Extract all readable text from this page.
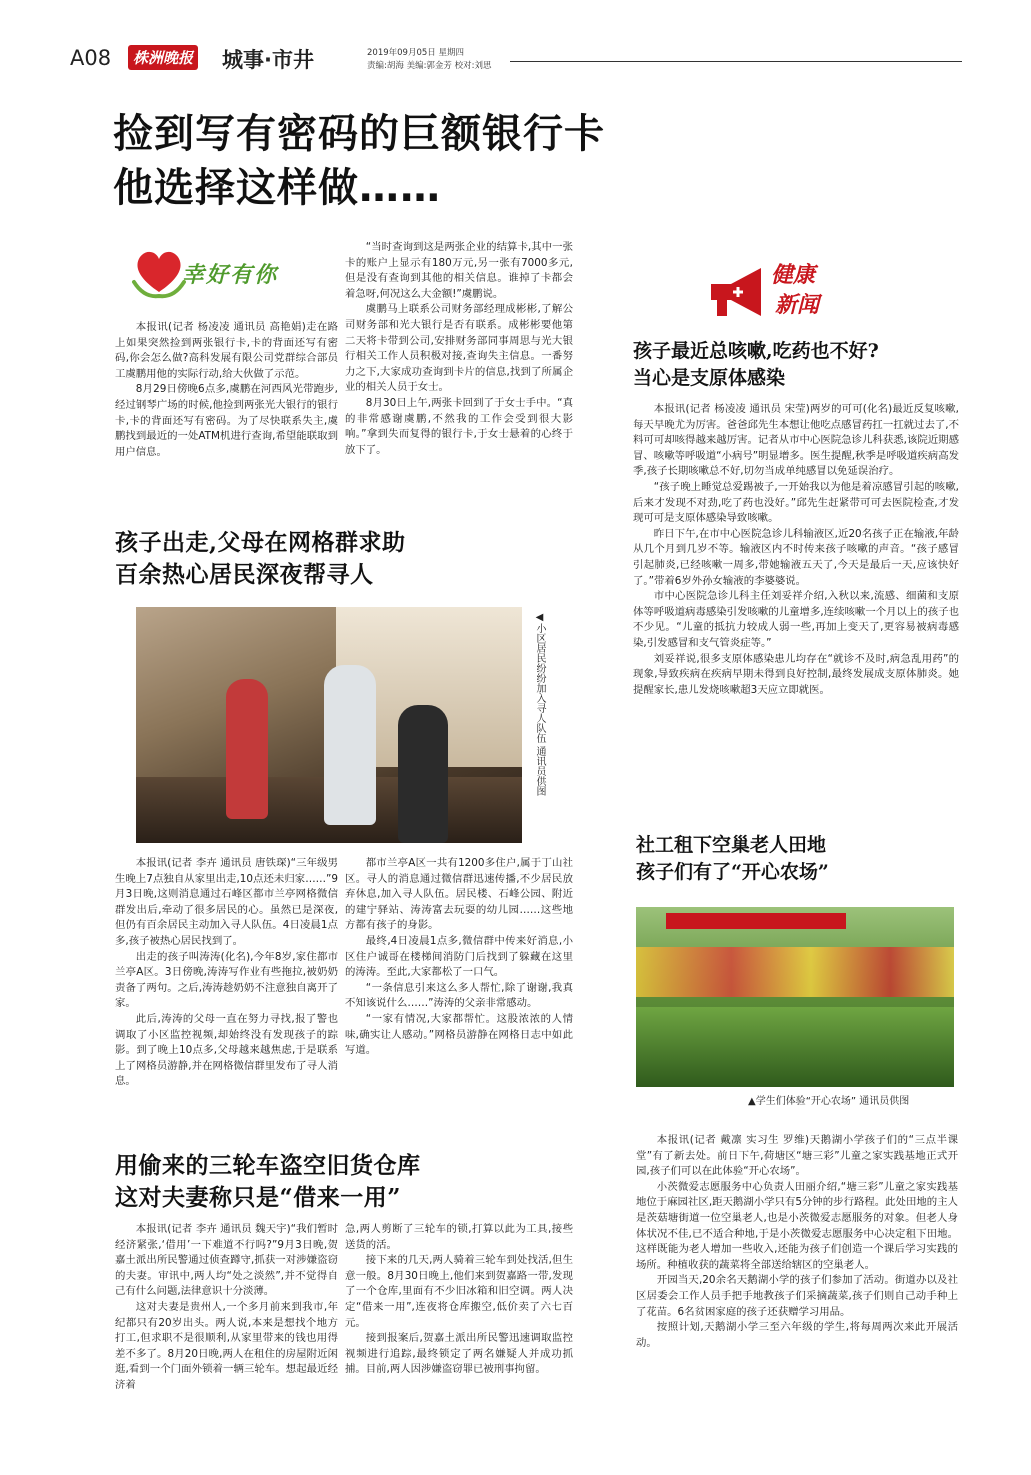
A08	株洲晚报 城事·市井	2019年09月05日 星期四
责编:胡海 美编:郭金芳 校对:刘思
捡到写有密码的巨额银行卡
他选择这样做……
幸好有你

本报讯(记者 杨凌凌 通讯员 高艳娟)走在路上如果突然捡到两张银行卡,卡的背面还写有密码,你会怎么做?高科发展有限公司党群综合部员工虞鹏用他的实际行动,给大伙做了示范。

8月29日傍晚6点多,虞鹏在河西风光带跑步,经过钢琴广场的时候,他捡到两张光大银行的银行卡,卡的背面还写有密码。为了尽快联系失主,虞鹏找到最近的一处ATM机进行查询,希望能联取到用户信息。

“当时查询到这是两张企业的结算卡,其中一张卡的账户上显示有180万元,另一张有7000多元,但是没有查询到其他的相关信息。谁掉了卡都会着急呀,何况这么大金额!”虞鹏说。

虞鹏马上联系公司财务部经理成彬彬,了解公司财务部和光大银行是否有联系。成彬彬要他第二天将卡带到公司,安排财务部同事周思与光大银行相关工作人员积极对接,查询失主信息。一番努力之下,大家成功查询到卡片的信息,找到了所属企业的相关人员于女士。

8月30日上午,两张卡回到了于女士手中。“真的非常感谢虞鹏,不然我的工作会受到很大影响。”拿到失而复得的银行卡,于女士悬着的心终于放下了。

健康
新闻
孩子最近总咳嗽,吃药也不好?
当心是支原体感染

本报讯(记者 杨凌凌 通讯员 宋莹)两岁的可可(化名)最近反复咳嗽,每天早晚尤为厉害。爸爸邱先生本想让他吃点感冒药扛一扛就过去了,不料可可却咳得越来越厉害。记者从市中心医院急诊儿科获悉,该院近期感冒、咳嗽等呼吸道“小病号”明显增多。医生提醒,秋季是呼吸道疾病高发季,孩子长期咳嗽总不好,切勿当成单纯感冒以免延误治疗。

“孩子晚上睡觉总爱踢被子,一开始我以为他是着凉感冒引起的咳嗽,后来才发现不对劲,吃了药也没好。”邱先生赶紧带可可去医院检查,才发现可可是支原体感染导致咳嗽。

昨日下午,在市中心医院急诊儿科输液区,近20名孩子正在输液,年龄从几个月到几岁不等。输液区内不时传来孩子咳嗽的声音。“孩子感冒引起肺炎,已经咳嗽一周多,带她输液五天了,今天是最后一天,应该快好了。”带着6岁外孙女输液的李婆婆说。

市中心医院急诊儿科主任刘妥祥介绍,入秋以来,流感、细菌和支原体等呼吸道病毒感染引发咳嗽的儿童增多,连续咳嗽一个月以上的孩子也不少见。“儿童的抵抗力较成人弱一些,再加上变天了,更容易被病毒感染,引发感冒和支气管炎症等。”

刘妥祥说,很多支原体感染患儿均存在“就诊不及时,病急乱用药”的现象,导致疾病在疾病早期未得到良好控制,最终发展成支原体肺炎。她提醒家长,患儿发烧咳嗽超3天应立即就医。

孩子出走,父母在网格群求助
百余热心居民深夜帮寻人
◀小区居民纷纷加入寻人队伍 通讯员供图

本报讯(记者 李卉 通讯员 唐铁琛)“三年级男生晚上7点独自从家里出走,10点还未归家……”9月3日晚,这则消息通过石峰区都市兰亭网格微信群发出后,牵动了很多居民的心。虽然已是深夜,但仍有百余居民主动加入寻人队伍。4日凌晨1点多,孩子被热心居民找到了。

出走的孩子叫涛涛(化名),今年8岁,家住都市兰亭A区。3日傍晚,涛涛写作业有些拖拉,被奶奶责备了两句。之后,涛涛趁奶奶不注意独自离开了家。

此后,涛涛的父母一直在努力寻找,报了警也调取了小区监控视频,却始终没有发现孩子的踪影。到了晚上10点多,父母越来越焦虑,于是联系上了网格员游静,并在网格微信群里发布了寻人消息。

都市兰亭A区一共有1200多住户,属于丁山社区。寻人的消息通过微信群迅速传播,不少居民放弃休息,加入寻人队伍。居民楼、石峰公园、附近的建宁驿站、涛涛富去玩耍的幼儿园……这些地方都有孩子的身影。

最终,4日凌晨1点多,微信群中传来好消息,小区住户诚哥在楼梯间消防门后找到了躲藏在这里的涛涛。至此,大家都松了一口气。

“一条信息引来这么多人帮忙,除了谢谢,我真不知该说什么……”涛涛的父亲非常感动。

“一家有情况,大家都帮忙。这股浓浓的人情味,确实让人感动。”网格员游静在网格日志中如此写道。

社工租下空巢老人田地
孩子们有了“开心农场”
▲学生们体验“开心农场” 通讯员供图

本报讯(记者 戴凛 实习生 罗维)天鹅湖小学孩子们的“三点半课堂”有了新去处。前日下午,荷塘区“塘三彩”儿童之家实践基地正式开园,孩子们可以在此体验“开心农场”。

小茨微爱志愿服务中心负责人田丽介绍,“塘三彩”儿童之家实践基地位于麻园社区,距天鹅湖小学只有5分钟的步行路程。此处田地的主人是茨菇塘街道一位空巢老人,也是小茨微爱志愿服务的对象。但老人身体状况不佳,已不适合种地,于是小茨微爱志愿服务中心决定租下田地。这样既能为老人增加一些收入,还能为孩子们创造一个课后学习实践的场所。种植收获的蔬菜将全部送给辖区的空巢老人。

开园当天,20余名天鹅湖小学的孩子们参加了活动。街道办以及社区居委会工作人员手把手地教孩子们采摘蔬菜,孩子们则自己动手种上了花苗。6名贫困家庭的孩子还获赠学习用品。

按照计划,天鹅湖小学三至六年级的学生,将每周两次来此开展活动。

用偷来的三轮车盗空旧货仓库
这对夫妻称只是“借来一用”

本报讯(记者 李卉 通讯员 魏天宇)“我们暂时经济紧张,‘借用’一下难道不行吗?”9月3日晚,贺嘉土派出所民警通过侦查蹲守,抓获一对涉嫌盗窃的夫妻。审讯中,两人均“处之淡然”,并不觉得自己有什么问题,法律意识十分淡薄。

这对夫妻是贵州人,一个多月前来到我市,年纪都只有20岁出头。两人说,本来是想找个地方打工,但求职不是很顺利,从家里带来的钱也用得差不多了。8月20日晚,两人在租住的房屋附近闲逛,看到一个门面外锁着一辆三轮车。想起最近经济着

急,两人剪断了三轮车的锁,打算以此为工具,接些送货的活。

接下来的几天,两人骑着三轮车到处找活,但生意一般。8月30日晚上,他们来到贺嘉路一带,发现了一个仓库,里面有不少旧冰箱和旧空调。两人决定“借来一用”,连夜将仓库搬空,低价卖了六七百元。

接到报案后,贺嘉土派出所民警迅速调取监控视频进行追踪,最终锁定了两名嫌疑人并成功抓捕。目前,两人因涉嫌盗窃罪已被刑事拘留。
